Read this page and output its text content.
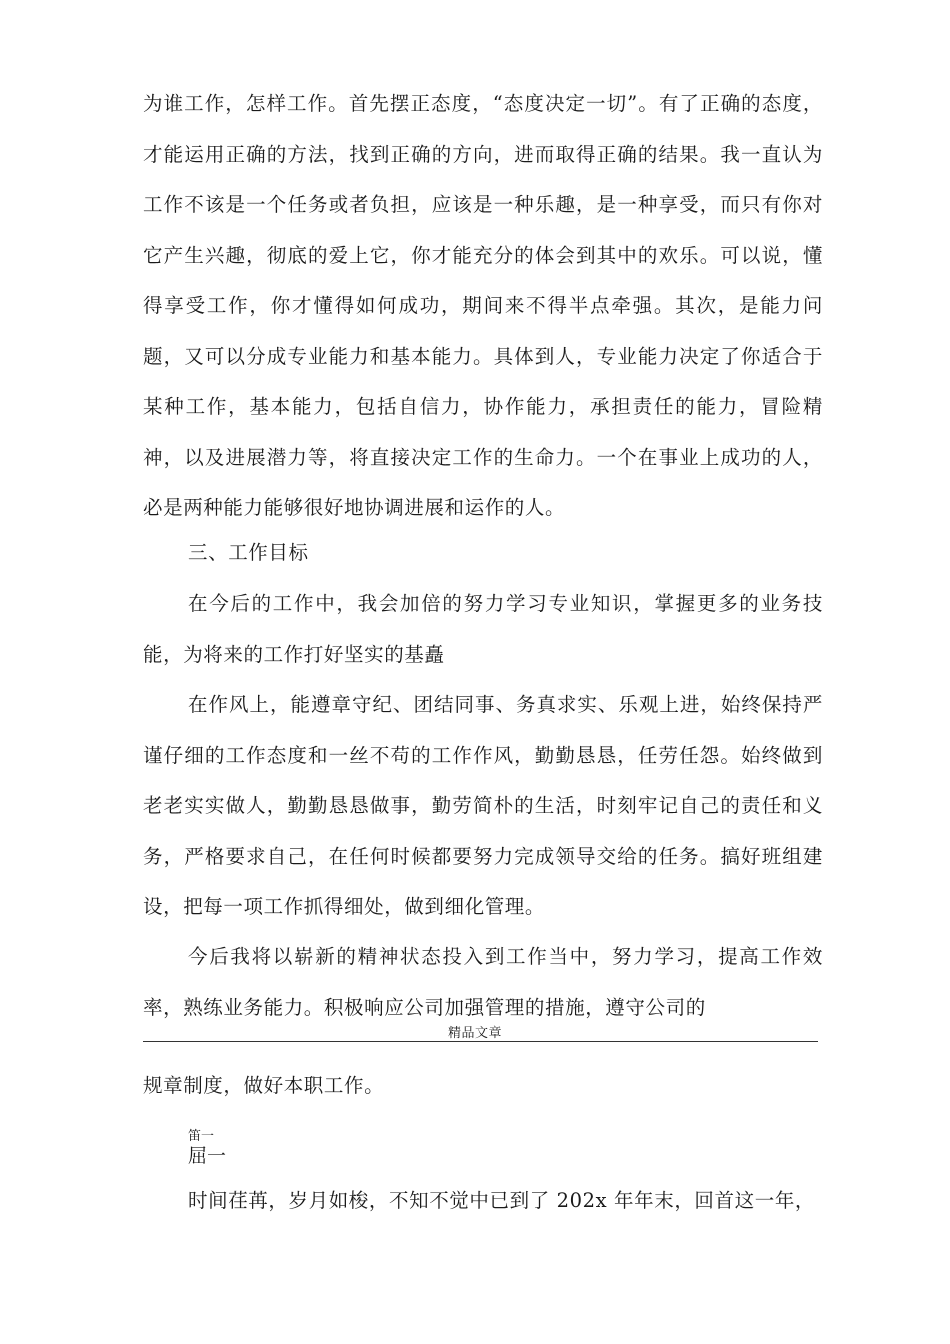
为谁工作，怎样工作。首先摆正态度，“态度决定一切”。有了正确的态度，才能运用正确的方法，找到正确的方向，进而取得正确的结果。我一直认为工作不该是一个任务或者负担，应该是一种乐趣，是一种享受，而只有你对它产生兴趣，彻底的爱上它，你才能充分的体会到其中的欢乐。可以说，懂得享受工作，你才懂得如何成功，期间来不得半点牵强。其次，是能力问题，又可以分成专业能力和基本能力。具体到人，专业能力决定了你适合于某种工作，基本能力，包括自信力，协作能力，承担责任的能力，冒险精神，以及进展潜力等，将直接决定工作的生命力。一个在事业上成功的人，必是两种能力能够很好地协调进展和运作的人。

三、工作目标

在今后的工作中，我会加倍的努力学习专业知识，掌握更多的业务技能，为将来的工作打好坚实的基矗

在作风上，能遵章守纪、团结同事、务真求实、乐观上进，始终保持严谨仔细的工作态度和一丝不苟的工作作风，勤勤恳恳，任劳任怨。始终做到老老实实做人，勤勤恳恳做事，勤劳简朴的生活，时刻牢记自己的责任和义务，严格要求自己，在任何时候都要努力完成领导交给的任务。搞好班组建设，把每一项工作抓得细处，做到细化管理。

今后我将以崭新的精神状态投入到工作当中，努力学习，提高工作效率，熟练业务能力。积极响应公司加强管理的措施，遵守公司的

精品文章

规章制度，做好本职工作。

笛一
屈一

时间荏苒，岁月如梭，不知不觉中已到了 202x 年年末，回首这一年，
